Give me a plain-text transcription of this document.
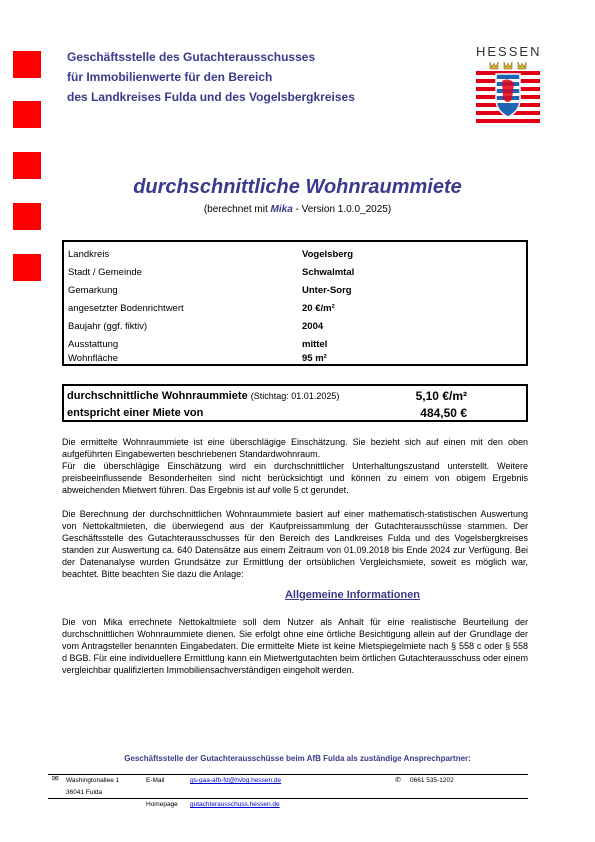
Geschäftsstelle des Gutachterausschusses
für Immobilienwerte für den Bereich
des Landkreises Fulda und des Vogelsbergkreises
HESSEN
durchschnittliche Wohnraummiete
(berechnet mit Mika - Version 1.0.0_2025)
Landkreis	Vogelsberg
Stadt / Gemeinde	Schwalmtal
Gemarkung	Unter-Sorg
angesetzter Bodenrichtwert	20 €/m²
Baujahr (ggf. fiktiv)	2004
Ausstattung	mittel
Wohnfläche	95 m²
durchschnittliche Wohnraummiete (Stichtag: 01.01.2025)	5,10 €/m²
entspricht einer Miete von	484,50 €
Die ermittelte Wohnraummiete ist eine überschlägige Einschätzung. Sie bezieht sich auf einen mit den oben aufgeführten Eingabewerten beschriebenen Standardwohnraum.
Für die überschlägige Einschätzung wird ein durchschnittlicher Unterhaltungszustand unterstellt. Weitere preisbeeinflussende Besonderheiten sind nicht berücksichtigt und können zu einem von obigem Ergebnis abweichenden Mietwert führen. Das Ergebnis ist auf volle 5 ct gerundet.
Die Berechnung der durchschnittlichen Wohnraummiete basiert auf einer mathematisch-statistischen Auswertung von Nettokaltmieten, die überwiegend aus der Kaufpreissammlung der Gutachterausschüsse stammen. Der Geschäftsstelle des Gutachterausschusses für den Bereich des Landkreises Fulda und des Vogelsbergkreises standen zur Auswertung ca. 640 Datensätze aus einem Zeitraum von 01.09.2018 bis Ende 2024 zur Verfügung. Bei der Datenanalyse wurden Grundsätze zur Ermittlung der ortsüblichen Vergleichsmiete, soweit es möglich war, beachtet. Bitte beachten Sie dazu die Anlage:
Allgemeine Informationen
Die von Mika errechnete Nettokaltmiete soll dem Nutzer als Anhalt für eine realistische Beurteilung der durchschnittlichen Wohnraummiete dienen. Sie erfolgt ohne eine örtliche Besichtigung allein auf der Grundlage der vom Antragsteller benannten Eingabedaten. Die ermittelte Miete ist keine Mietspiegelmiete nach § 558 c oder § 558 d BGB. Für eine individuellere Ermittlung kann ein Mietwertgutachten beim örtlichen Gutachterausschuss oder einem vergleichbar qualifizierten Immobiliensachverständigen eingeholt werden.
Geschäftsstelle der Gutachterausschüsse beim AfB Fulda als zuständige Ansprechpartner:
✉ Washingtonallee 1
36041 Fulda
E-Mail	gs-gaa-afb-fd@hvbg.hessen.de	✆ 0661 535-1202
Homepage gutachterausschuss.hessen.de
